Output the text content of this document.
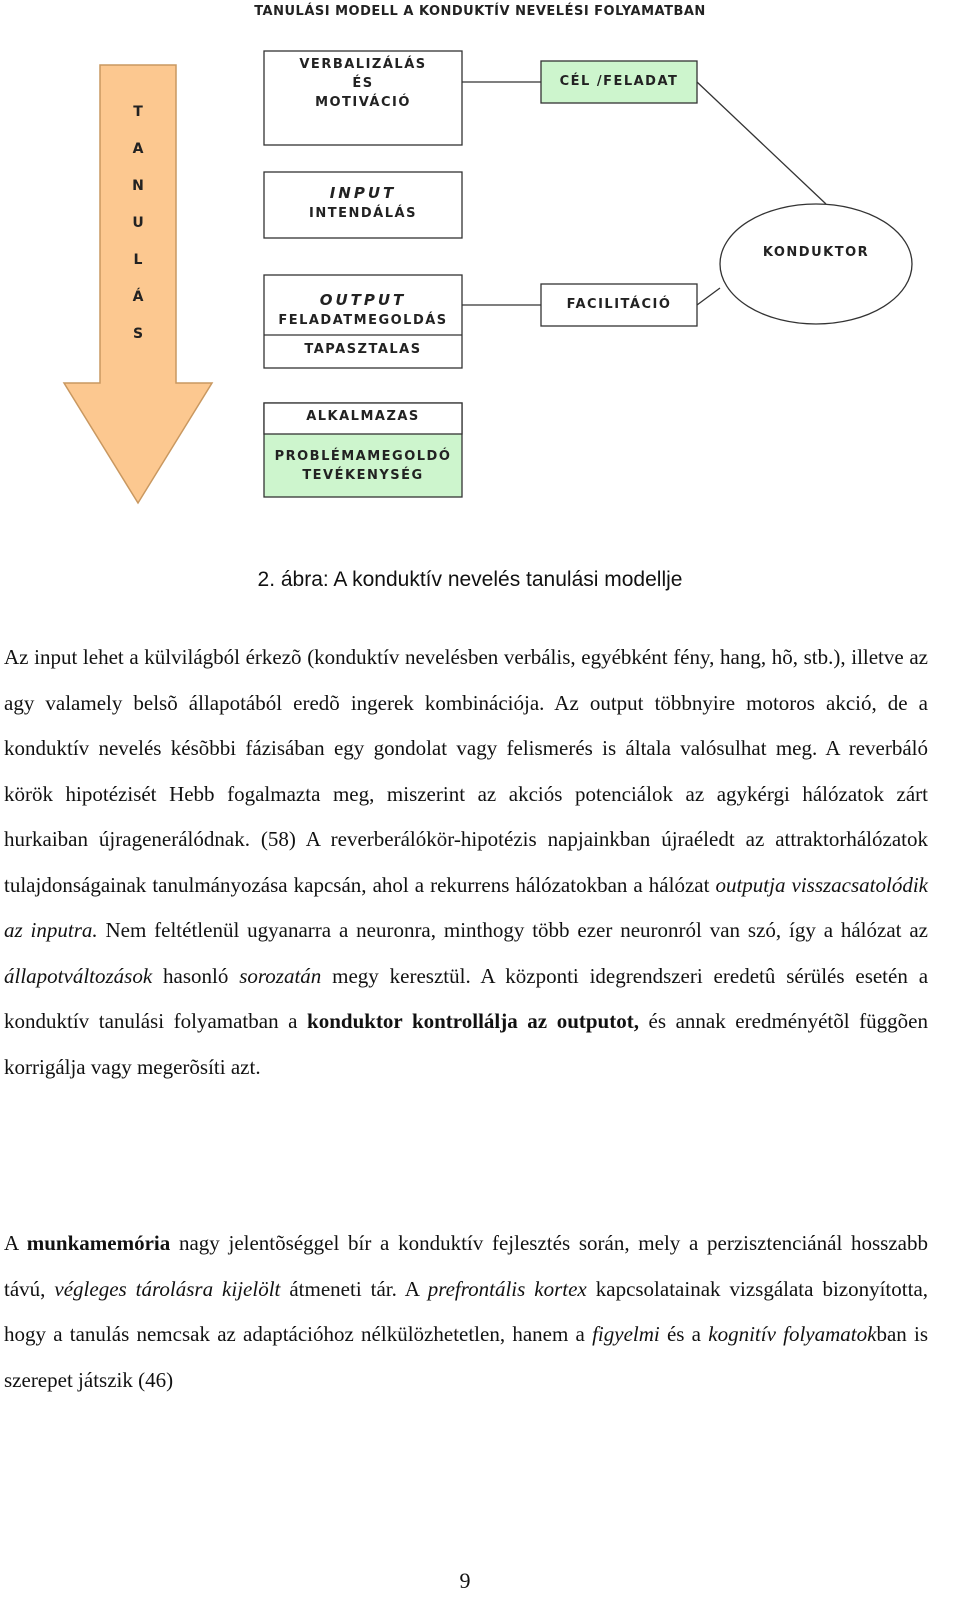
TANULÁSI MODELL A KONDUKTÍV NEVELÉSI FOLYAMATBAN
T
A
N
U
L
Á
S
VERBALIZÁLÁS
ÉS
MOTIVÁCIÓ
INPUT
INTENDÁLÁS
OUTPUT
FELADATMEGOLDÁS
TAPASZTALAS
ALKALMAZAS
PROBLÉMAMEGOLDÓ
TEVÉKENYSÉG
CÉL /FELADAT
FACILITÁCIÓ
KONDUKTOR
2. ábra: A konduktív nevelés tanulási modellje

Az input lehet a külvilágból érkezõ (konduktív nevelésben verbális, egyébként fény, hang, hõ, stb.), illetve az agy valamely belsõ állapotából eredõ ingerek kombinációja. Az output többnyire motoros akció, de a konduktív nevelés késõbbi fázisában egy gondolat vagy felismerés is általa valósulhat meg. A reverbáló körök hipotézisét Hebb fogalmazta meg, miszerint az akciós potenciálok az agykérgi hálózatok zárt hurkaiban újragenerálódnak. (58) A reverberálókör-hipotézis napjainkban újraéledt az attraktorhálózatok tulajdonságainak tanulmányozása kapcsán, ahol a rekurrens hálózatokban a hálózat outputja visszacsatolódik az inputra. Nem feltétlenül ugyanarra a neuronra, minthogy több ezer neuronról van szó, így a hálózat az állapotváltozások hasonló sorozatán megy keresztül. A központi idegrendszeri eredetû sérülés esetén a konduktív tanulási folyamatban a konduktor kontrollálja az outputot, és annak eredményétõl függõen korrigálja vagy megerõsíti azt.

A munkamemória nagy jelentõséggel bír a konduktív fejlesztés során, mely a perzisztenciánál hosszabb távú, végleges tárolásra kijelölt átmeneti tár. A prefrontális kortex kapcsolatainak vizsgálata bizonyította, hogy a tanulás nemcsak az adaptációhoz nélkülözhetetlen, hanem a figyelmi és a kognitív folyamatokban is szerepet játszik (46)

9
